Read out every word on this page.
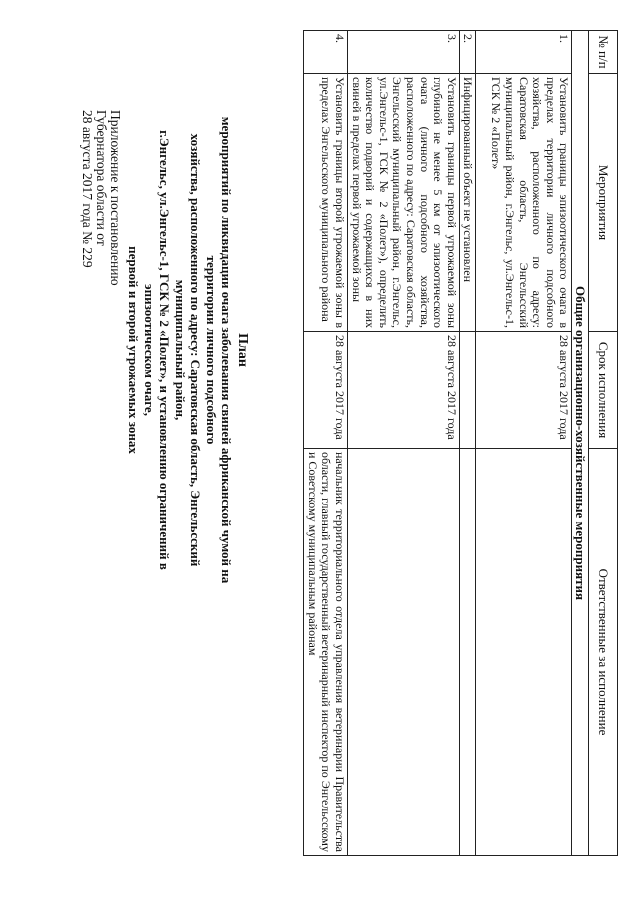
Приложение к постановлению
Губернатора области от
28 августа 2017 года № 229
План
мероприятий по ликвидации очага заболевания свиней африканской чумой на территории личного подсобного
хозяйства, расположенного по адресу: Саратовская область, Энгельсский муниципальный район,
г.Энгельс, ул.Энгельс-1, ГСК № 2 «Полет», и установлению ограничений в эпизоотическом очаге,
первой и второй угрожаемых зонах
№ п/п	Мероприятия	Срок исполнения	Ответственные за исполнение
Общие организационно-хозяйственные мероприятия			
1.	Установить границы эпизоотического очага в пределах территории личного подсобного хозяйства, расположенного по адресу: Саратовская область, Энгельсский муниципальный район, г.Энгельс, ул.Энгельс-1, ГСК № 2 «Полет»	28 августа 2017 года	
2.	Инфицированный объект не установлен		
3.	Установить границы первой угрожаемой зоны глубиной не менее 5 км от эпизоотического очага (личного подсобного хозяйства, расположенного по адресу: Саратовская область, Энгельсский муниципальный район, г.Энгельс, ул.Энгельс-1, ГСК № 2 «Полет»), определить количество подворий и содержащихся в них свиней в пределах первой угрожаемой зоны	28 августа 2017 года	
4.	Установить границы второй угрожаемой зоны в пределах Энгельсского муниципального района	28 августа 2017 года	начальник территориального отдела управления ветеринарии Правительства области, главный государственный ветеринарный инспектор по Энгельсскому и Советскому муниципальным районам
